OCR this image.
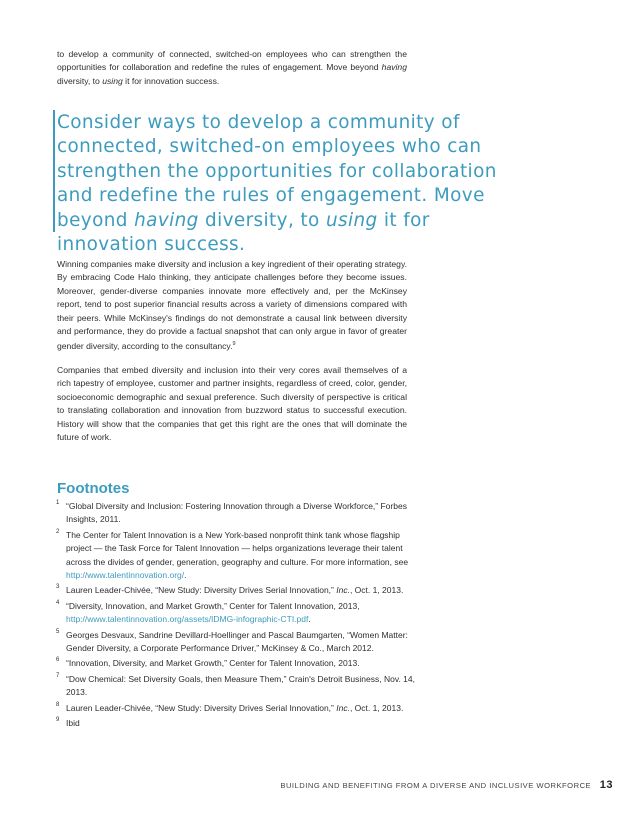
to develop a community of connected, switched-on employees who can strengthen the opportunities for collaboration and redefine the rules of engagement. Move beyond having diversity, to using it for innovation success.

Consider ways to develop a community of connected, switched-on employees who can strengthen the opportunities for collaboration and redefine the rules of engagement. Move beyond having diversity, to using it for innovation success.

Winning companies make diversity and inclusion a key ingredient of their operating strategy. By embracing Code Halo thinking, they anticipate challenges before they become issues. Moreover, gender-diverse companies innovate more effectively and, per the McKinsey report, tend to post superior financial results across a variety of dimensions compared with their peers. While McKinsey's findings do not demonstrate a causal link between diversity and performance, they do provide a factual snapshot that can only argue in favor of greater gender diversity, according to the consultancy.$^9$

Companies that embed diversity and inclusion into their very cores avail themselves of a rich tapestry of employee, customer and partner insights, regardless of creed, color, gender, socioeconomic demographic and sexual preference. Such diversity of perspective is critical to translating collaboration and innovation from buzzword status to successful execution. History will show that the companies that get this right are the ones that will dominate the future of work.

Footnotes
1 “Global Diversity and Inclusion: Fostering Innovation through a Diverse Workforce,” Forbes Insights, 2011.
2 The Center for Talent Innovation is a New York-based nonprofit think tank whose flagship project — the Task Force for Talent Innovation — helps organizations leverage their talent across the divides of gender, generation, geography and culture. For more information, see http://www.talentinnovation.org/.
3 Lauren Leader-Chivée, “New Study: Diversity Drives Serial Innovation,” Inc., Oct. 1, 2013.
4 “Diversity, Innovation, and Market Growth,” Center for Talent Innovation, 2013, http://www.talentinnovation.org/assets/IDMG-infographic-CTI.pdf.
5 Georges Desvaux, Sandrine Devillard-Hoellinger and Pascal Baumgarten, “Women Matter: Gender Diversity, a Corporate Performance Driver,” McKinsey & Co., March 2012.
6 “Innovation, Diversity, and Market Growth,” Center for Talent Innovation, 2013.
7 “Dow Chemical: Set Diversity Goals, then Measure Them,” Crain's Detroit Business, Nov. 14, 2013.
8 Lauren Leader-Chivée, “New Study: Diversity Drives Serial Innovation,” Inc., Oct. 1, 2013.
9 Ibid
BUILDING AND BENEFITING FROM A DIVERSE AND INCLUSIVE WORKFORCE 13
